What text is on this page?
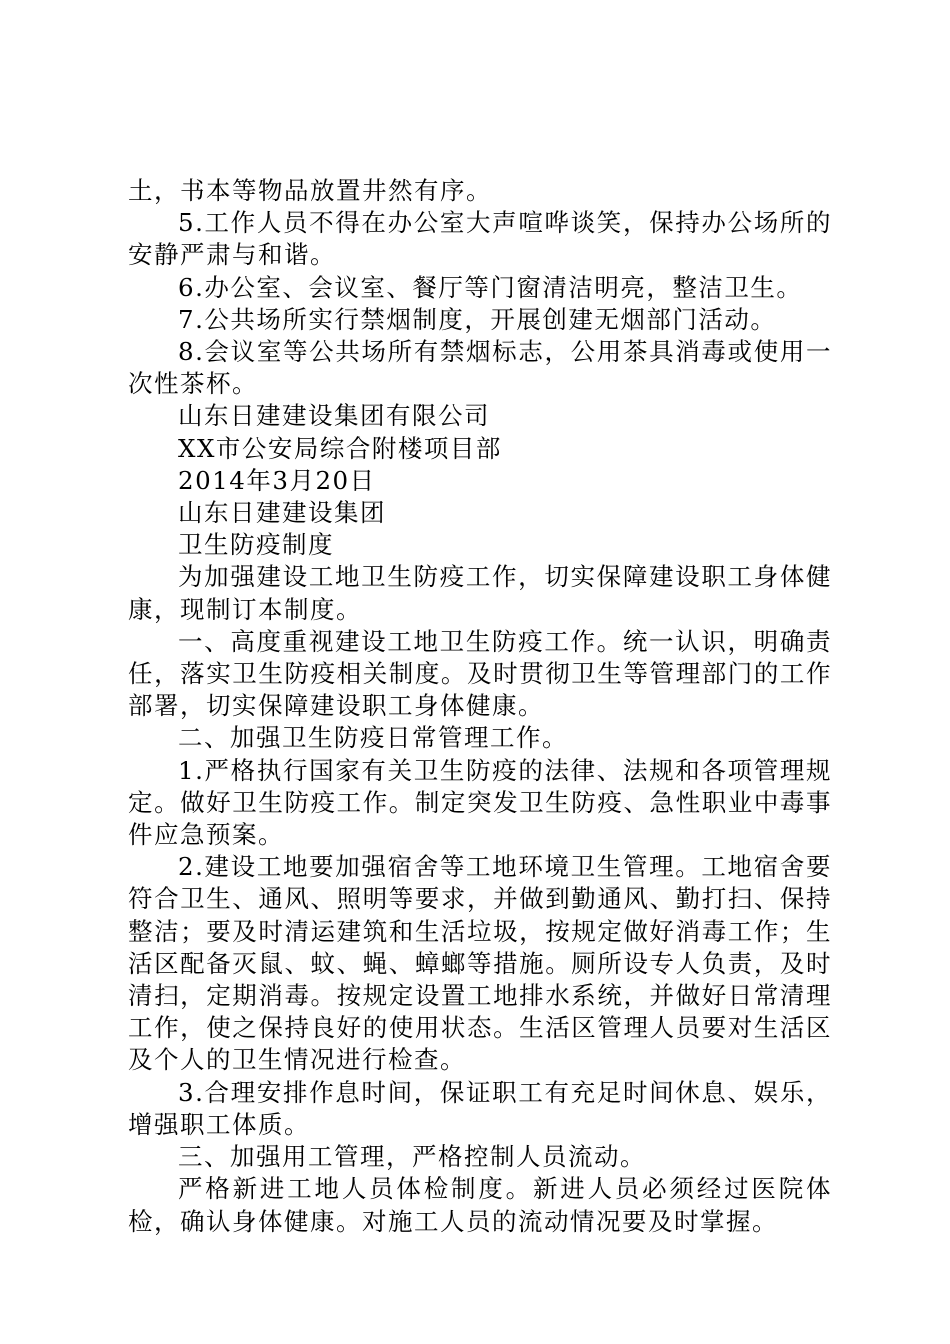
土，书本等物品放置井然有序。

5.工作人员不得在办公室大声喧哗谈笑，保持办公场所的安静严肃与和谐。

6.办公室、会议室、餐厅等门窗清洁明亮，整洁卫生。

7.公共场所实行禁烟制度，开展创建无烟部门活动。

8.会议室等公共场所有禁烟标志，公用茶具消毒或使用一次性茶杯。

山东日建建设集团有限公司

XX市公安局综合附楼项目部

2014年3月20日

山东日建建设集团

卫生防疫制度

为加强建设工地卫生防疫工作，切实保障建设职工身体健康，现制订本制度。

一、高度重视建设工地卫生防疫工作。统一认识，明确责任，落实卫生防疫相关制度。及时贯彻卫生等管理部门的工作部署，切实保障建设职工身体健康。

二、加强卫生防疫日常管理工作。

1.严格执行国家有关卫生防疫的法律、法规和各项管理规定。做好卫生防疫工作。制定突发卫生防疫、急性职业中毒事件应急预案。

2.建设工地要加强宿舍等工地环境卫生管理。工地宿舍要符合卫生、通风、照明等要求，并做到勤通风、勤打扫、保持整洁；要及时清运建筑和生活垃圾，按规定做好消毒工作；生活区配备灭鼠、蚊、蝇、蟑螂等措施。厕所设专人负责，及时清扫，定期消毒。按规定设置工地排水系统，并做好日常清理工作，使之保持良好的使用状态。生活区管理人员要对生活区及个人的卫生情况进行检查。

3.合理安排作息时间，保证职工有充足时间休息、娱乐，增强职工体质。

三、加强用工管理，严格控制人员流动。

严格新进工地人员体检制度。新进人员必须经过医院体检，确认身体健康。对施工人员的流动情况要及时掌握。
